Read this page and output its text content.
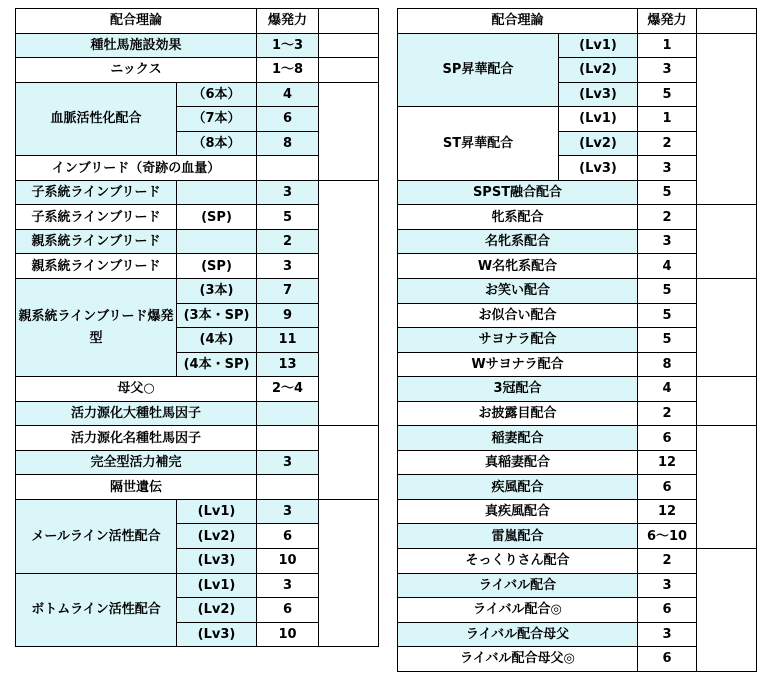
配合理論		爆発力	
種牡馬施設効果		1～3	
ニックス		1～8	
血脈活性化配合	（6本）	4	
	（7本）	6	
	（8本）	8	
インブリード（奇跡の血量）			
子系統ラインブリード		3	
子系統ラインブリード	(SP)	5	
親系統ラインブリード		2	
親系統ラインブリード	(SP)	3	
親系統ラインブリード爆発型	(3本)	7	
	(3本・SP)	9	
	(4本)	11	
	(4本・SP)	13	
母父○		2～4	
活力源化大種牡馬因子			
活力源化名種牡馬因子			
完全型活力補完		3	
隔世遺伝			
メールライン活性配合	(Lv1)	3	
	(Lv2)	6	
	(Lv3)	10	
ボトムライン活性配合	(Lv1)	3	
	(Lv2)	6	
	(Lv3)	10	
配合理論		爆発力	
SP昇華配合	(Lv1)	1	
	(Lv2)	3	
	(Lv3)	5	
ST昇華配合	(Lv1)	1	
	(Lv2)	2	
	(Lv3)	3	
SPST融合配合		5	
牝系配合		2	
名牝系配合		3	
W名牝系配合		4	
お笑い配合		5	
お似合い配合		5	
サヨナラ配合		5	
Wサヨナラ配合		8	
3冠配合		4	
お披露目配合		2	
稲妻配合		6	
真稲妻配合		12	
疾風配合		6	
真疾風配合		12	
雷嵐配合		6～10	
そっくりさん配合		2	
ライバル配合		3	
ライバル配合◎		6	
ライバル配合母父		3	
ライバル配合母父◎		6	
